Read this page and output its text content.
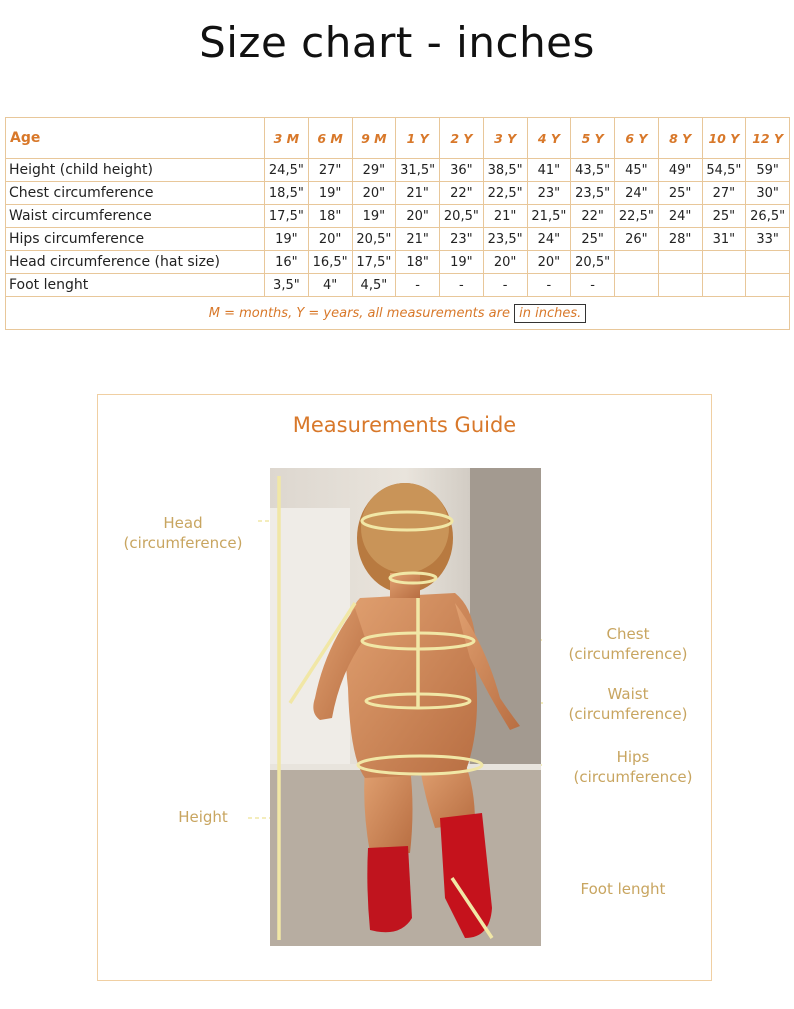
Size chart - inches
Age	3 M	6 M	9 M	1 Y	2 Y	3 Y	4 Y	5 Y	6 Y	8 Y	10 Y	12 Y
Height (child height)	24,5"	27"	29"	31,5"	36"	38,5"	41"	43,5"	45"	49"	54,5"	59"
Chest circumference	18,5"	19"	20"	21"	22"	22,5"	23"	23,5"	24"	25"	27"	30"
Waist circumference	17,5"	18"	19"	20"	20,5"	21"	21,5"	22"	22,5"	24"	25"	26,5"
Hips circumference	19"	20"	20,5"	21"	23"	23,5"	24"	25"	26"	28"	31"	33"
Head circumference (hat size)	16"	16,5"	17,5"	18"	19"	20"	20"	20,5"				
Foot lenght	3,5"	4"	4,5"	-	-	-	-	-				
M = months, Y = years, all measurements are in inches.												
Measurements Guide
Head
(circumference)
Chest
(circumference)
Waist
(circumference)
Hips
(circumference)
Height
Foot lenght
